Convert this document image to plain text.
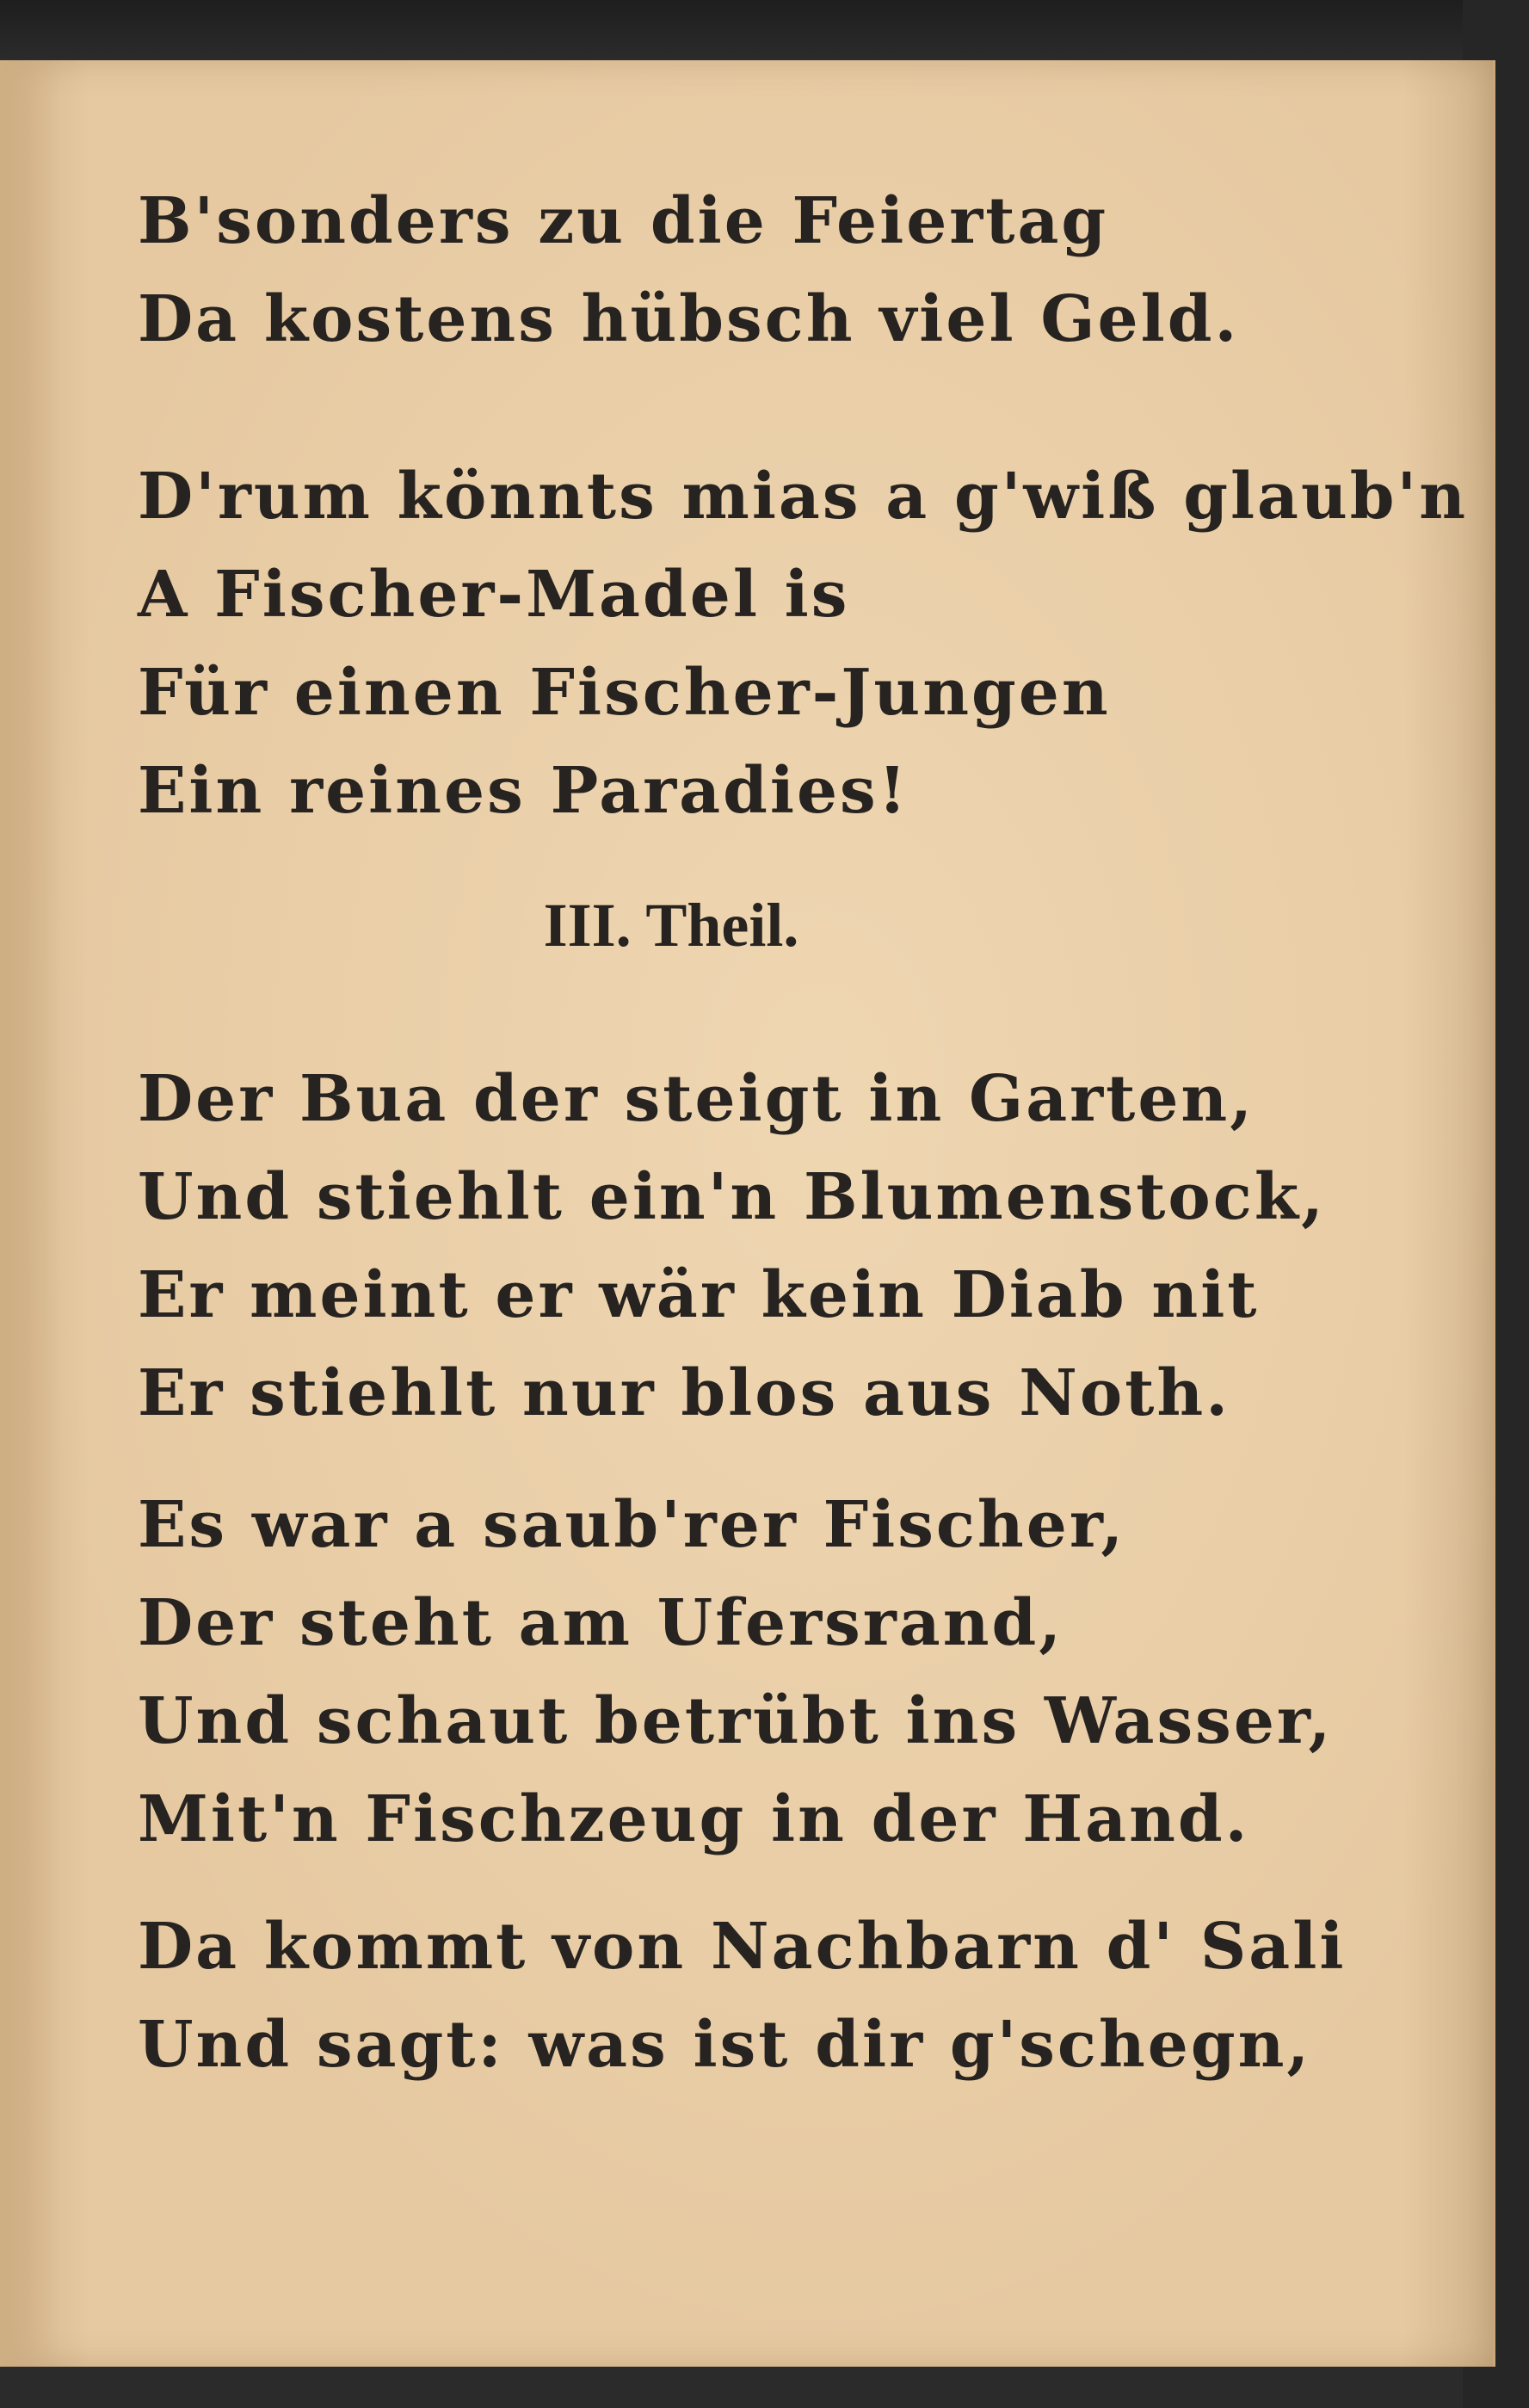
B'sonders zu die Feiertag
Da kostens hübsch viel Geld.
D'rum könnts mias a g'wiß glaub'n
A Fischer-Madel is
Für einen Fischer-Jungen
Ein reines Paradies!
III. Theil.
Der Bua der steigt in Garten,
Und stiehlt ein'n Blumenstock,
Er meint er wär kein Diab nit
Er stiehlt nur blos aus Noth.
Es war a saub'rer Fischer,
Der steht am Ufersrand,
Und schaut betrübt ins Wasser,
Mit'n Fischzeug in der Hand.
Da kommt von Nachbarn d' Sali
Und sagt: was ist dir g'schegn,
